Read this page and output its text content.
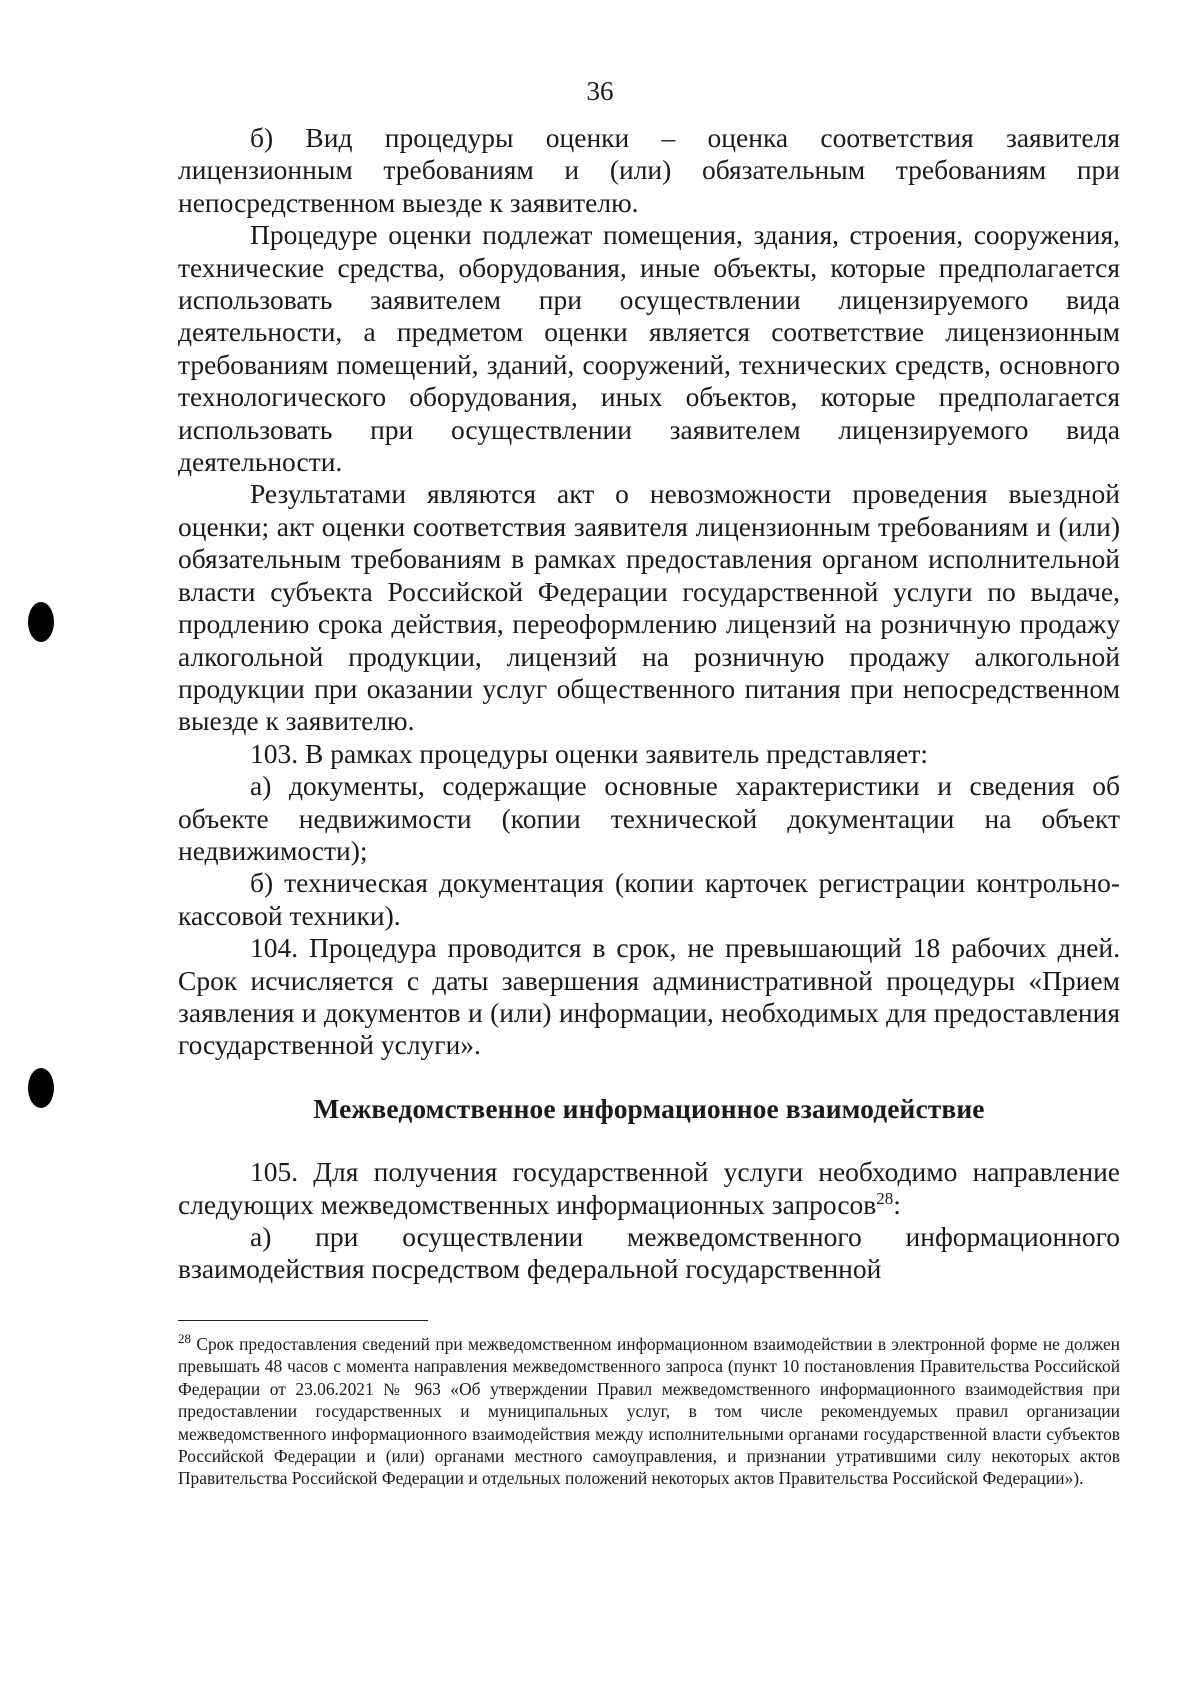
36

б) Вид процедуры оценки – оценка соответствия заявителя лицензионным требованиям и (или) обязательным требованиям при непосредственном выезде к заявителю.

Процедуре оценки подлежат помещения, здания, строения, сооружения, технические средства, оборудования, иные объекты, которые предполагается использовать заявителем при осуществлении лицензируемого вида деятельности, а предметом оценки является соответствие лицензионным требованиям помещений, зданий, сооружений, технических средств, основного технологического оборудования, иных объектов, которые предполагается использовать при осуществлении заявителем лицензируемого вида деятельности.

Результатами являются акт о невозможности проведения выездной оценки; акт оценки соответствия заявителя лицензионным требованиям и (или) обязательным требованиям в рамках предоставления органом исполнительной власти субъекта Российской Федерации государственной услуги по выдаче, продлению срока действия, переоформлению лицензий на розничную продажу алкогольной продукции, лицензий на розничную продажу алкогольной продукции при оказании услуг общественного питания при непосредственном выезде к заявителю.

103. В рамках процедуры оценки заявитель представляет:

а) документы, содержащие основные характеристики и сведения об объекте недвижимости (копии технической документации на объект недвижимости);

б) техническая документация (копии карточек регистрации контрольно-кассовой техники).

104. Процедура проводится в срок, не превышающий 18 рабочих дней. Срок исчисляется с даты завершения административной процедуры «Прием заявления и документов и (или) информации, необходимых для предоставления государственной услуги».

Межведомственное информационное взаимодействие

105. Для получения государственной услуги необходимо направление следующих межведомственных информационных запросов$^{28}$:

а) при осуществлении межведомственного информационного взаимодействия посредством федеральной государственной

$^{28}$ Срок предоставления сведений при межведомственном информационном взаимодействии в электронной форме не должен превышать 48 часов с момента направления межведомственного запроса (пункт 10 постановления Правительства Российской Федерации от 23.06.2021 № 963 «Об утверждении Правил межведомственного информационного взаимодействия при предоставлении государственных и муниципальных услуг, в том числе рекомендуемых правил организации межведомственного информационного взаимодействия между исполнительными органами государственной власти субъектов Российской Федерации и (или) органами местного самоуправления, и признании утратившими силу некоторых актов Правительства Российской Федерации и отдельных положений некоторых актов Правительства Российской Федерации»).
